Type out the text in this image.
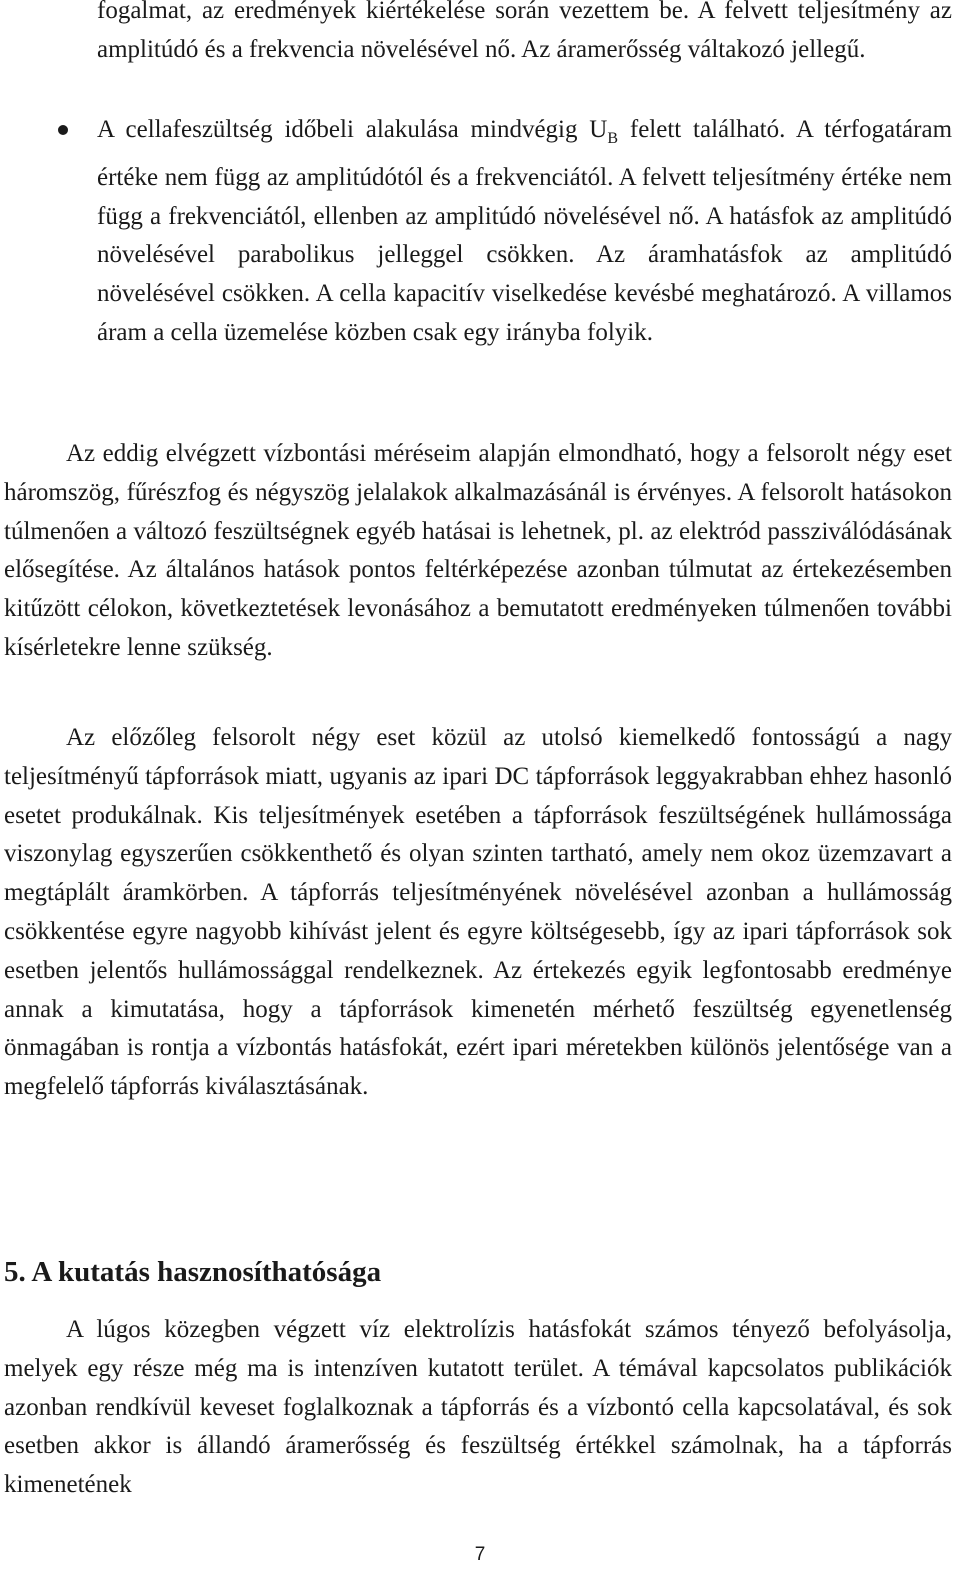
fogalmat, az eredmények kiértékelése során vezettem be. A felvett teljesítmény az amplitúdó és a frekvencia növelésével nő. Az áramerősség váltakozó jellegű.

A cellafeszültség időbeli alakulása mindvégig $U_B$ felett található. A térfogatáram értéke nem függ az amplitúdótól és a frekvenciától. A felvett teljesítmény értéke nem függ a frekvenciától, ellenben az amplitúdó növelésével nő. A hatásfok az amplitúdó növelésével parabolikus jelleggel csökken. Az áramhatásfok az amplitúdó növelésével csökken. A cella kapacitív viselkedése kevésbé meghatározó. A villamos áram a cella üzemelése közben csak egy irányba folyik.

Az eddig elvégzett vízbontási méréseim alapján elmondható, hogy a felsorolt négy eset háromszög, fűrészfog és négyszög jelalakok alkalmazásánál is érvényes. A felsorolt hatásokon túlmenően a változó feszültségnek egyéb hatásai is lehetnek, pl. az elektród passziválódásának elősegítése. Az általános hatások pontos feltérképezése azonban túlmutat az értekezésemben kitűzött célokon, következtetések levonásához a bemutatott eredményeken túlmenően további kísérletekre lenne szükség.

Az előzőleg felsorolt négy eset közül az utolsó kiemelkedő fontosságú a nagy teljesítményű tápforrások miatt, ugyanis az ipari DC tápforrások leggyakrabban ehhez hasonló esetet produkálnak. Kis teljesítmények esetében a tápforrások feszültségének hullámossága viszonylag egyszerűen csökkenthető és olyan szinten tartható, amely nem okoz üzemzavart a megtáplált áramkörben. A tápforrás teljesítményének növelésével azonban a hullámosság csökkentése egyre nagyobb kihívást jelent és egyre költségesebb, így az ipari tápforrások sok esetben jelentős hullámossággal rendelkeznek. Az értekezés egyik legfontosabb eredménye annak a kimutatása, hogy a tápforrások kimenetén mérhető feszültség egyenetlenség önmagában is rontja a vízbontás hatásfokát, ezért ipari méretekben különös jelentősége van a megfelelő tápforrás kiválasztásának.

5. A kutatás hasznosíthatósága

A lúgos közegben végzett víz elektrolízis hatásfokát számos tényező befolyásolja, melyek egy része még ma is intenzíven kutatott terület. A témával kapcsolatos publikációk azonban rendkívül keveset foglalkoznak a tápforrás és a vízbontó cella kapcsolatával, és sok esetben akkor is állandó áramerősség és feszültség értékkel számolnak, ha a tápforrás kimenetének

7
